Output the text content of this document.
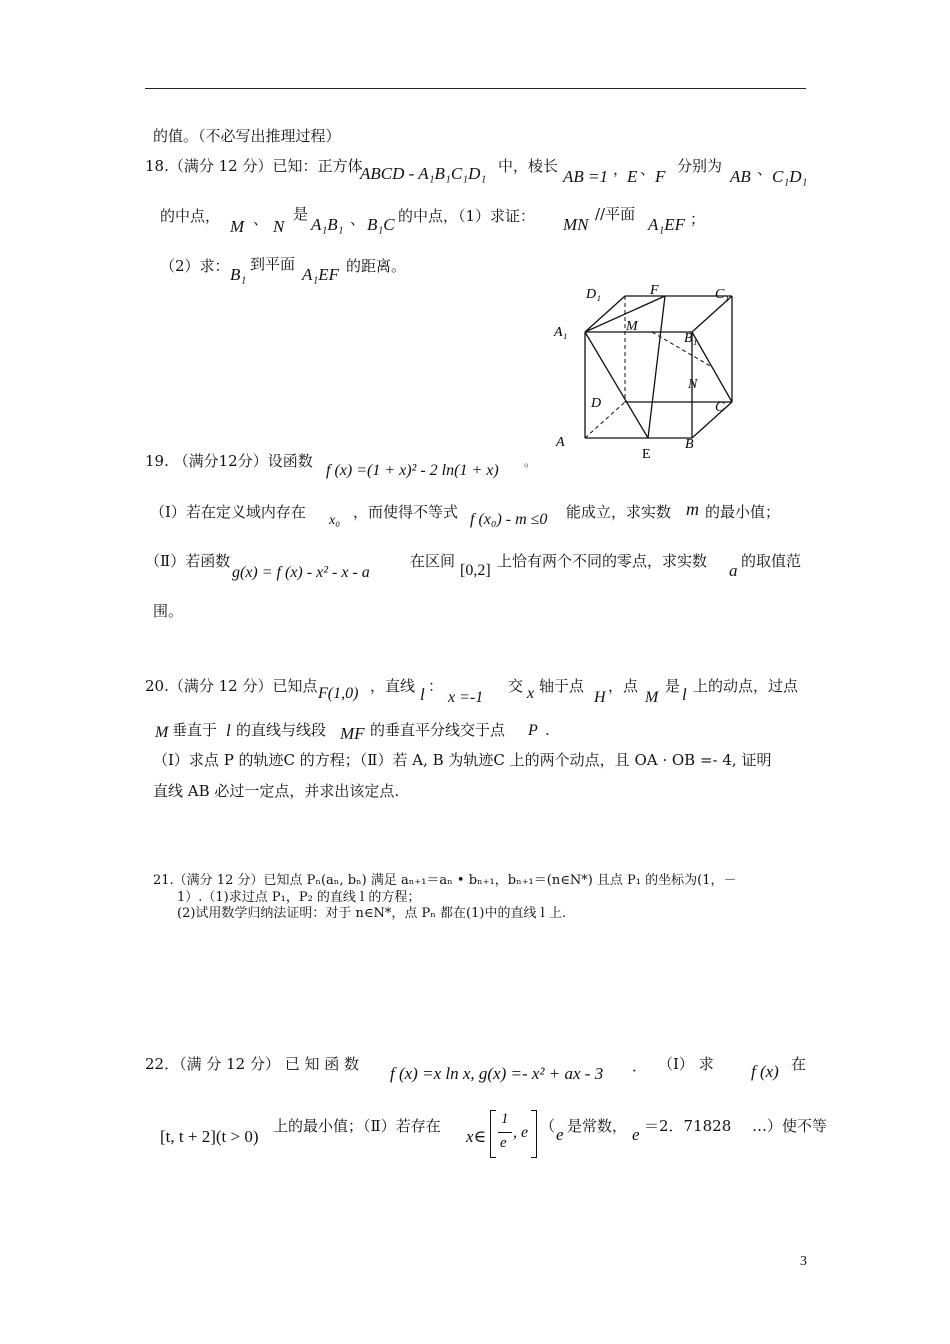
的值。（不必写出推理过程）
18.（满分 12 分）已知：正方体
ABCD - A₁B₁C₁D₁ 中，棱长
AB =1 ，
E 、 F
分别为
AB 、 C₁D₁
的中点，
M 、 N
是
A₁B₁ 、 B₁C 的中点，（1）求证： MN
//平面
A₁EF ；
（2）求： B₁
到平面
A₁EF 的距离。
D₁	F	C₁
A₁	M
B₁
N
D	C
A
E
B
19. （满分12分）设函数
f (x) =(1 + x)² - 2 ln(1 + x) 。
（Ⅰ）若在定义域内存在 x₀ ，而使得不等式 f (x₀) - m ≤0 能成立，求实数 m 的最小值；
（Ⅱ）若函数
g(x) = f (x) - x² - x - a
在区间
[0,2]
上恰有两个不同的零点，求实数 a 的取值范
围。
20.（满分 12 分）已知点 F(1,0) ，直线 l ：
x =-1
交 x 轴于点
H
，点
M
是 l 上的动点，过点
M 垂直于 l 的直线与线段 MF 的垂直平分线交于点 P .
（Ⅰ）求点 P 的轨迹C 的方程；（Ⅱ）若 A, B 为轨迹C 上的两个动点，且 OA · OB =- 4, 证明
直线 AB 必过一定点，并求出该定点.
21.（满分 12 分）已知点 Pₙ(aₙ, bₙ) 满足 aₙ₊₁＝aₙ • bₙ₊₁，bₙ₊₁＝(n∈N*) 且点 P₁ 的坐标为(1，－
1）.（1)求过点 P₁，P₂ 的直线 l 的方程；
(2)试用数学归纳法证明：对于 n∈N*，点 Pₙ 都在(1)中的直线 l 上.
22．（满 分 12 分） 已 知 函 数 f (x) =x ln x, g(x) =- x² + ax - 3 ． （Ⅰ） 求 f (x) 在
[t, t + 2](t > 0)
上的最小值；（Ⅱ）若存在
x∈
1
e
, e （ e 是常数， e ＝2．71828 …）使不等
3
